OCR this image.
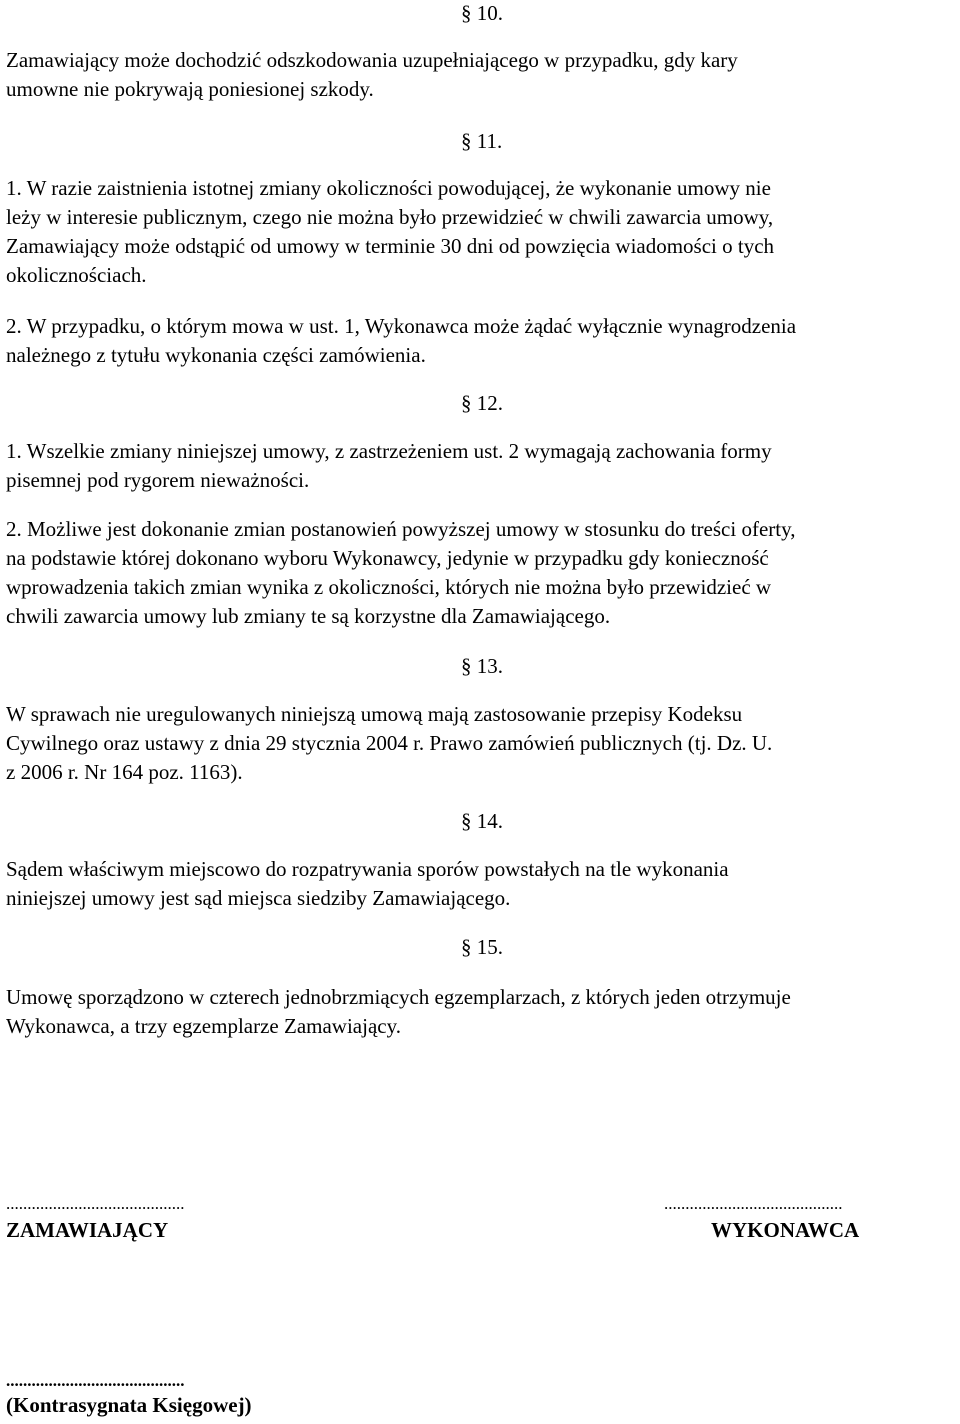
§ 10.

Zamawiający może dochodzić odszkodowania uzupełniającego w przypadku, gdy kary

umowne nie pokrywają poniesionej szkody.

§ 11.

1. W razie zaistnienia istotnej zmiany okoliczności powodującej, że wykonanie umowy nie

leży w interesie publicznym, czego nie można było przewidzieć w chwili zawarcia umowy,

Zamawiający może odstąpić od umowy w terminie 30 dni od powzięcia wiadomości o tych

okolicznościach.

2. W przypadku, o którym mowa w ust. 1, Wykonawca może żądać wyłącznie wynagrodzenia

należnego z tytułu wykonania części zamówienia.

§ 12.

1. Wszelkie zmiany niniejszej umowy, z zastrzeżeniem ust. 2 wymagają zachowania formy

pisemnej pod rygorem nieważności.

2. Możliwe jest dokonanie zmian postanowień powyższej umowy w stosunku do treści oferty,

na podstawie której dokonano wyboru Wykonawcy, jedynie w przypadku gdy konieczność

wprowadzenia takich zmian wynika z okoliczności, których nie można było przewidzieć w

chwili zawarcia umowy lub zmiany te są korzystne dla Zamawiającego.

§ 13.

W sprawach nie uregulowanych niniejszą umową mają zastosowanie przepisy Kodeksu

Cywilnego oraz ustawy z dnia 29 stycznia 2004 r. Prawo zamówień publicznych (tj. Dz. U.

z 2006 r. Nr 164 poz. 1163).

§ 14.

Sądem właściwym miejscowo do rozpatrywania sporów powstałych na tle wykonania

niniejszej umowy jest sąd miejsca siedziby Zamawiającego.

§ 15.

Umowę sporządzono w czterech jednobrzmiących egzemplarzach, z których jeden otrzymuje

Wykonawca, a trzy egzemplarze Zamawiający.

..........................................
ZAMAWIAJĄCY
..........................................
WYKONAWCA
..........................................
(Kontrasygnata Księgowej)
